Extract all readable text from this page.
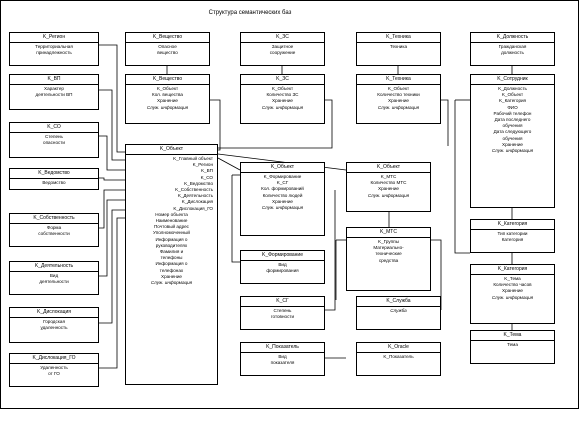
Структура семантических баз
K_Регион
Территориальная
принадлежность
K_ВП
Характер
деятельности ВП
K_СО
Степень
опасности
K_Ведомство
Ведомство
K_Собственность
Форма
собственности
K_Деятельность
Вид
деятельности
K_Дислокация
Городская
удаленность
K_Дислокация_ГО
Удаленность
от ГО
K_Вещество
Опасное
вещество
K_Вещество
K_Объект
Кол. вещества
Хранение
Служ. информация
K_Объект
K_Главный объект
K_Регион
K_ВП
K_СО
K_Ведомство
K_Собственность
K_Деятельность
K_Дислокация
K_Дислокация_ГО
Номер объекта
Наименование
Почтовый адрес
Уполномоченный
Информация о
руководителях
Фамилия и
телефоны
Информация о
телефонах
Хранение
Служ. информация
K_ЗС
Защитное
сооружение
K_ЗС
K_Объект
Количество ЗС
Хранение
Служ. информация
K_Объект
K_Формирование
K_СГ
Кол. формирований
Количество людей
Хранение
Служ. информация
K_Формирование
Вид
формирования
K_СГ
Степень
готовности
K_Показатель
Вид
показателя
K_Техника
Техника
K_Техника
K_Объект
Количество техники
Хранение
Служ. информация
K_Объект
K_МТС
Количество МТС
Хранение
Служ. информация
K_МТС
K_Группы
Материально-
технические
средства
K_Служба
Служба
K_Oracle
K_Показатель
K_Должность
Гражданская
должность
K_Сотрудник
K_Должность
K_Объект
K_Категория
ФИО
Рабочий телефон
Дата последнего
обучения
Дата следующего
обучения
Хранение
Служ. информация
K_Категория
Тип категории
Категория
K_Категория
K_Тема
Количество часов
Хранение
Служ. информация
K_Тема
Тема
